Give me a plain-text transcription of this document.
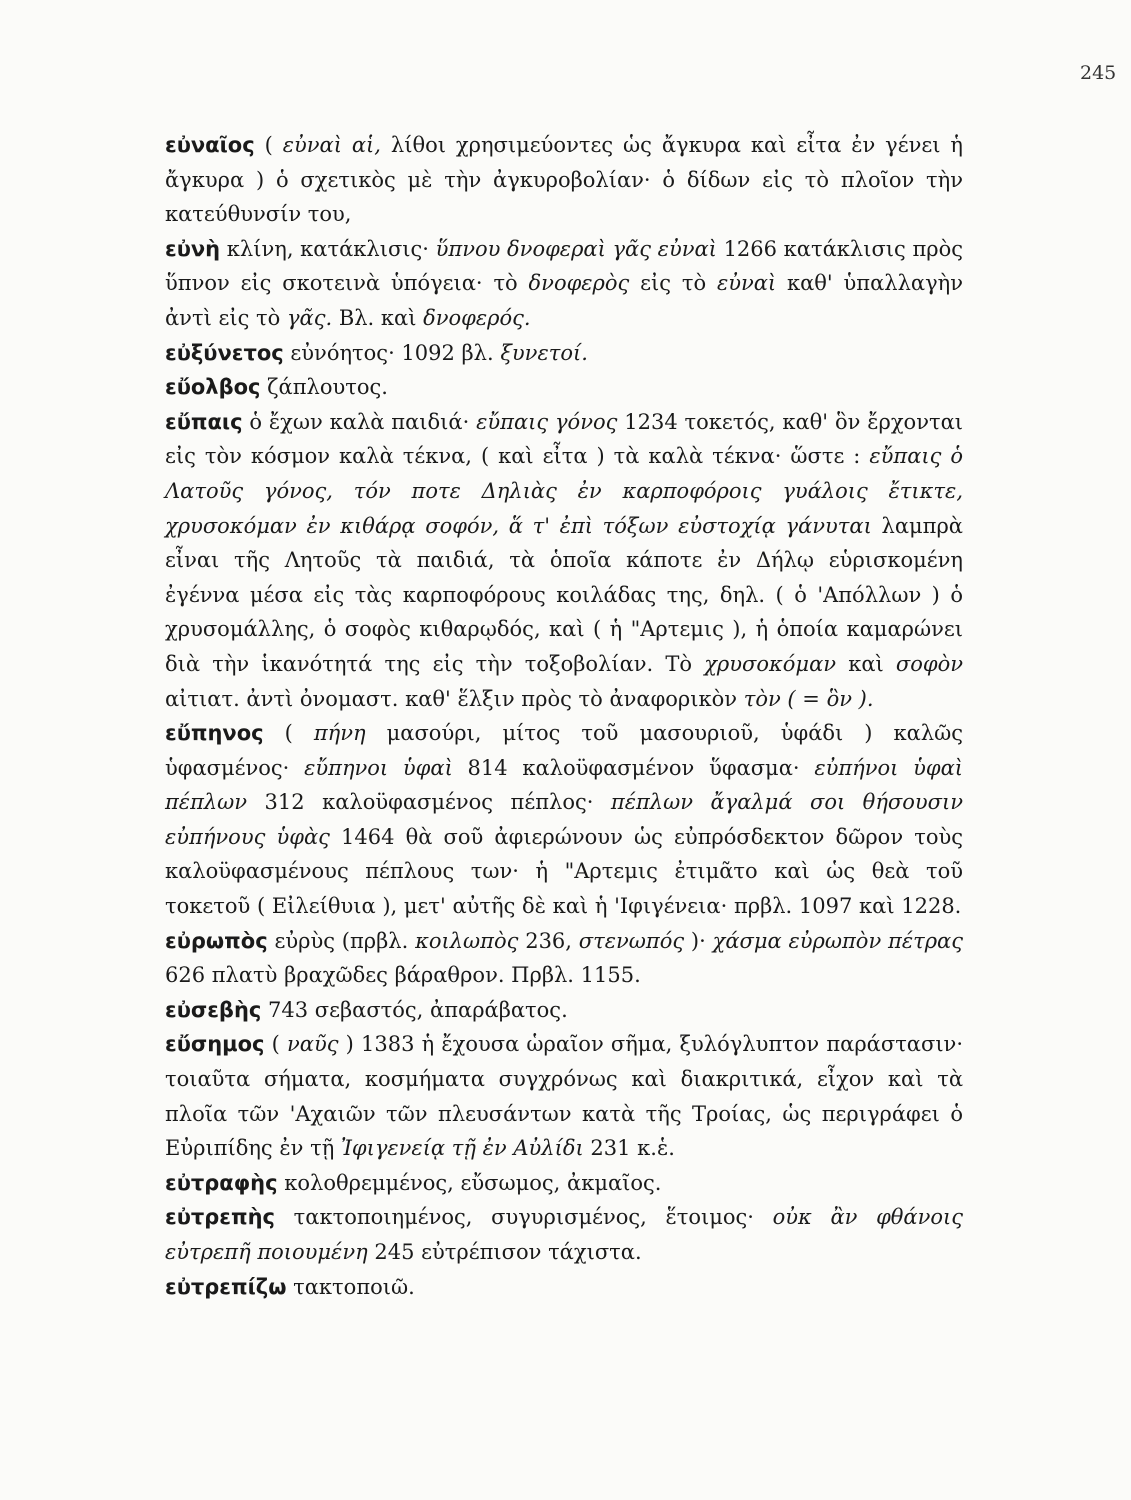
245

εὐναῖος ( εὐναὶ αἱ, λίθοι χρησιμεύοντες ὡς ἄγκυρα καὶ εἶτα ἐν γένει ἡ ἄγκυρα ) ὁ σχετικὸς μὲ τὴν ἀγκυροβολίαν· ὁ δίδων εἰς τὸ πλοῖον τὴν κατεύθυνσίν του,

εὐνὴ κλίνη, κατάκλισις· ὕπνου δνοφεραὶ γᾶς εὐναὶ 1266 κατάκλισις πρὸς ὕπνον εἰς σκοτεινὰ ὑπόγεια· τὸ δνοφερὸς εἰς τὸ εὐναὶ καθ' ὑπαλλαγὴν ἀντὶ εἰς τὸ γᾶς. Βλ. καὶ δνοφερός.

εὐξύνετος εὐνόητος· 1092 βλ. ξυνετοί.

εὔολβος ζάπλουτος.

εὔπαις ὁ ἔχων καλὰ παιδιά· εὔπαις γόνος 1234 τοκετός, καθ' ὃν ἔρχονται εἰς τὸν κόσμον καλὰ τέκνα, ( καὶ εἶτα ) τὰ καλὰ τέκνα· ὥστε : εὔπαις ὁ Λατοῦς γόνος, τόν ποτε Δηλιὰς ἐν καρποφόροις γυάλοις ἔτικτε, χρυσοκόμαν ἐν κιθάρᾳ σοφόν, ἅ τ' ἐπὶ τόξων εὐστοχίᾳ γάνυται λαμπρὰ εἶναι τῆς Λητοῦς τὰ παιδιά, τὰ ὁποῖα κάποτε ἐν Δήλῳ εὑρισκομένη ἐγέννα μέσα εἰς τὰς καρποφόρους κοιλάδας της, δηλ. ( ὁ 'Απόλλων ) ὁ χρυσομάλλης, ὁ σοφὸς κιθαρῳδός, καὶ ( ἡ "Αρτεμις ), ἡ ὁποία καμαρώνει διὰ τὴν ἱκανότητά της εἰς τὴν τοξοβολίαν. Τὸ χρυσοκόμαν καὶ σοφὸν αἰτιατ. ἀντὶ ὀνομαστ. καθ' ἕλξιν πρὸς τὸ ἀναφορικὸν τὸν ( = ὃν ).

εὔπηνος ( πήνη μασούρι, μίτος τοῦ μασουριοῦ, ὑφάδι ) καλῶς ὑφασμένος· εὔπηνοι ὑφαὶ 814 καλοϋφασμένον ὕφασμα· εὐπήνοι ὑφαὶ πέπλων 312 καλοϋφασμένος πέπλος· πέπλων ἄγαλμά σοι θήσουσιν εὐπήνους ὑφὰς 1464 θὰ σοῦ ἀφιερώνουν ὡς εὐπρόσδεκτον δῶρον τοὺς καλοϋφασμένους πέπλους των· ἡ "Αρτεμις ἐτιμᾶτο καὶ ὡς θεὰ τοῦ τοκετοῦ ( Εἰλείθυια ), μετ' αὐτῆς δὲ καὶ ἡ 'Ιφιγένεια· πρβλ. 1097 καὶ 1228.

εὐρωπὸς εὐρὺς (πρβλ. κοιλωπὸς 236, στενωπός )· χάσμα εὐρωπὸν πέτρας 626 πλατὺ βραχῶδες βάραθρον. Πρβλ. 1155.

εὐσεβὴς 743 σεβαστός, ἀπαράβατος.

εὔσημος ( ναῦς ) 1383 ἡ ἔχουσα ὡραῖον σῆμα, ξυλόγλυπτον παράστασιν· τοιαῦτα σήματα, κοσμήματα συγχρόνως καὶ διακριτικά, εἶχον καὶ τὰ πλοῖα τῶν 'Αχαιῶν τῶν πλευσάντων κατὰ τῆς Τροίας, ὡς περιγράφει ὁ Εὐριπίδης ἐν τῇ Ἰφιγενείᾳ τῇ ἐν Αὐλίδι 231 κ.ἑ.

εὐτραφὴς κολοθρεμμένος, εὔσωμος, ἀκμαῖος.

εὐτρεπὴς τακτοποιημένος, συγυρισμένος, ἕτοιμος· οὐκ ἂν φθάνοις εὐτρεπῆ ποιουμένη 245 εὐτρέπισον τάχιστα.

εὐτρεπίζω τακτοποιῶ.
